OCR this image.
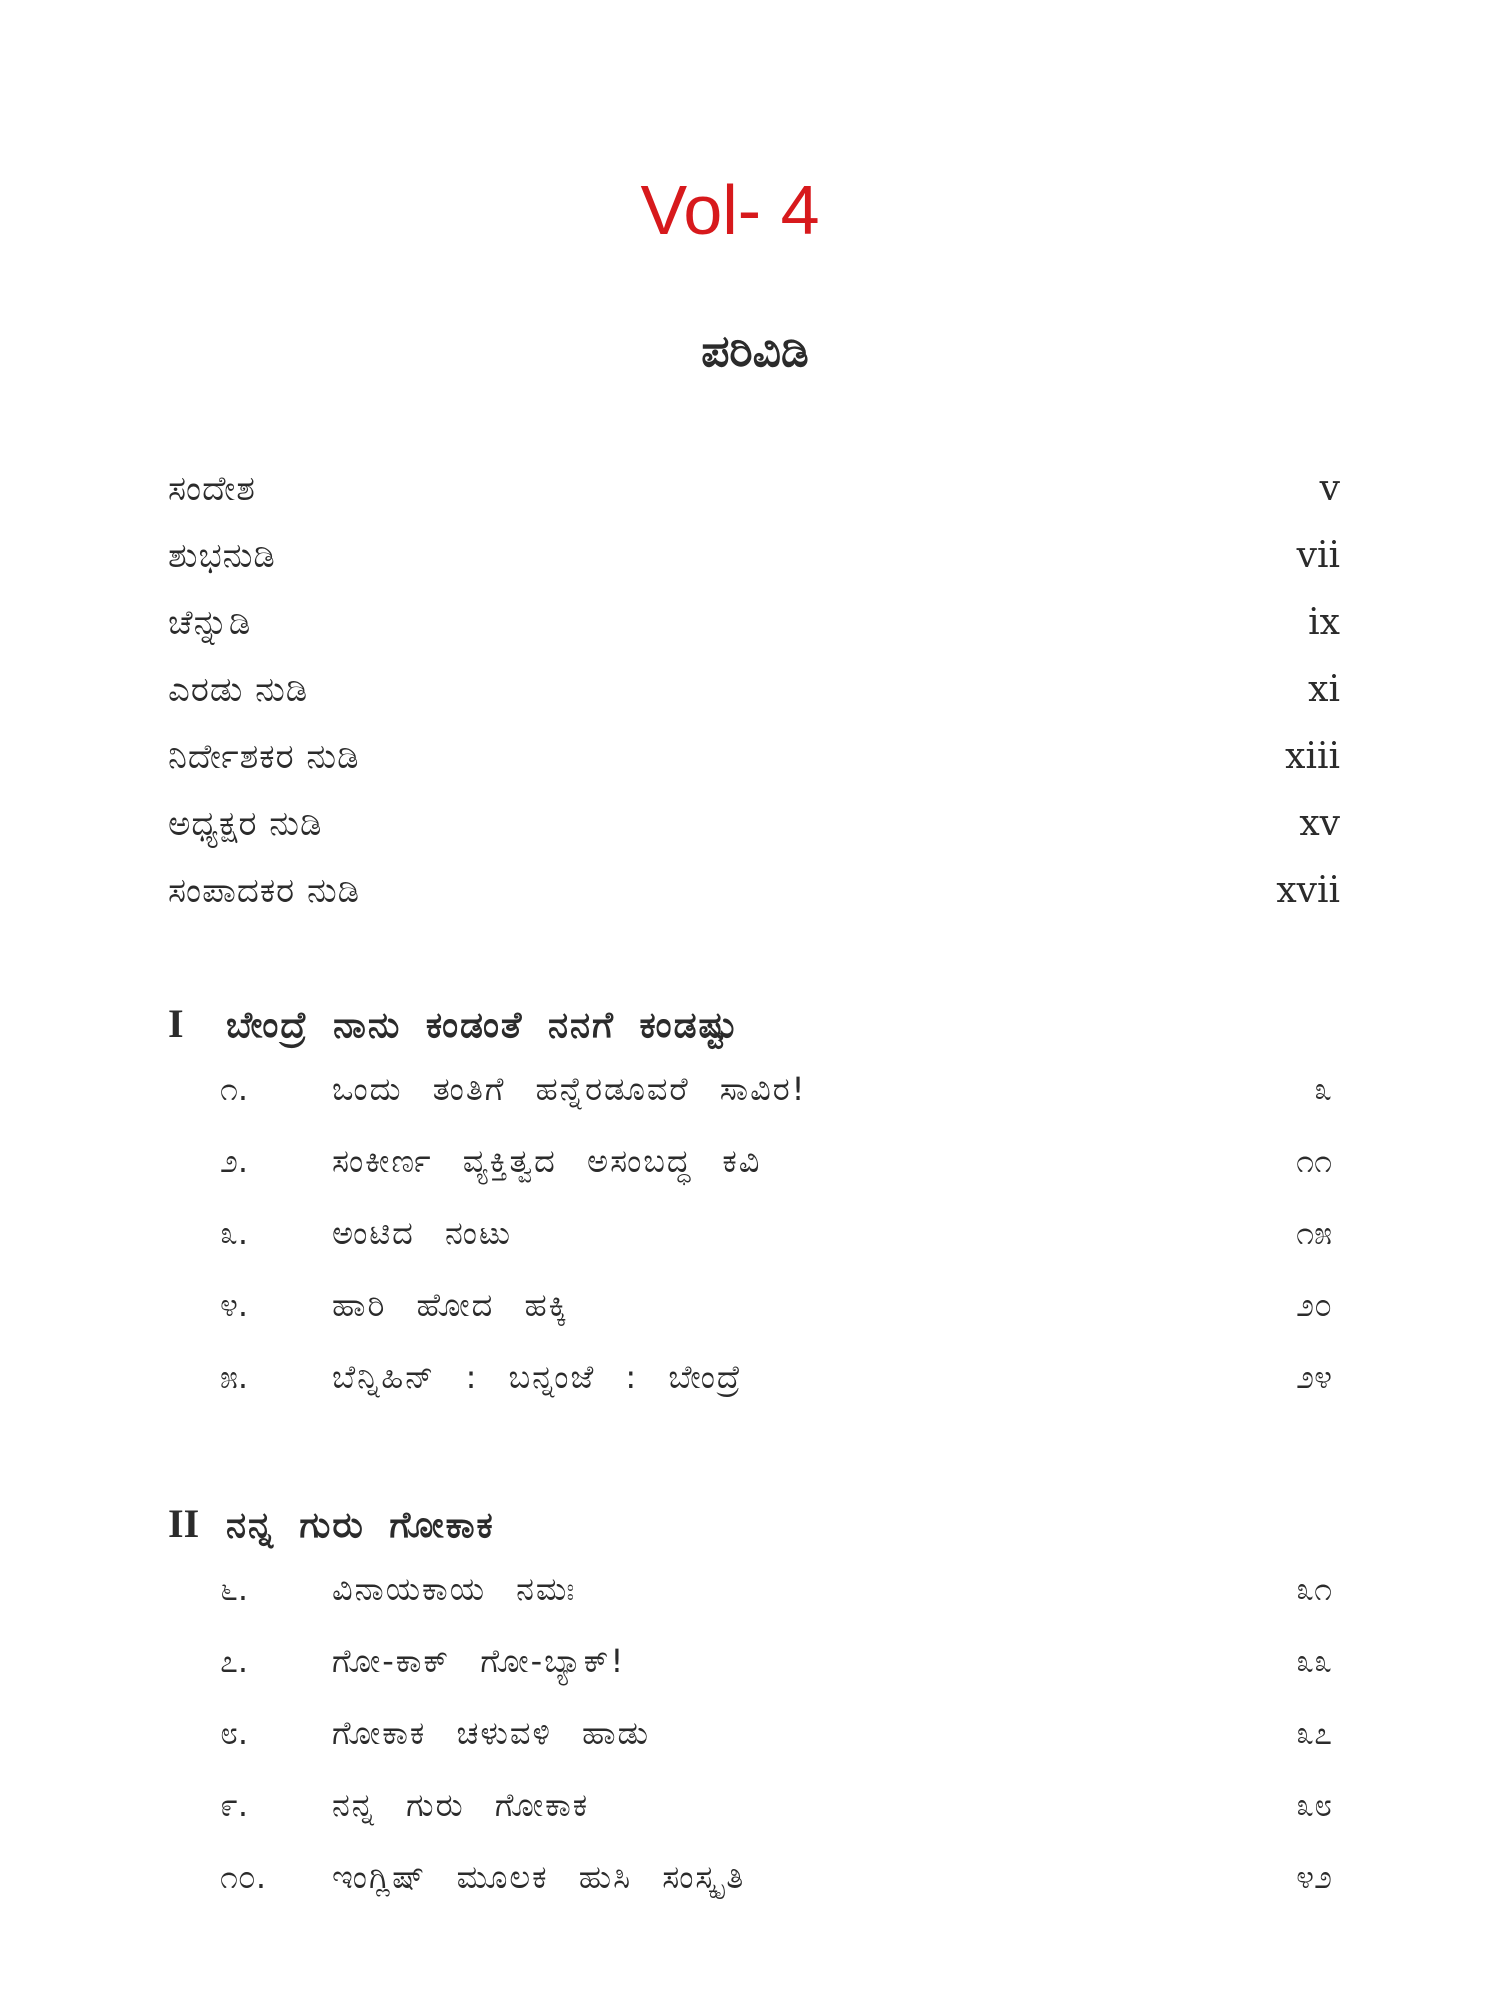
Vol- 4
ಪರಿವಿಡಿ
ಸಂದೇಶ	v
ಶುಭನುಡಿ	vii
ಚೆನ್ನುಡಿ	ix
ಎರಡು ನುಡಿ	xi
ನಿರ್ದೇಶಕರ ನುಡಿ	xiii
ಅಧ್ಯಕ್ಷರ ನುಡಿ	xv
ಸಂಪಾದಕರ ನುಡಿ	xvii
I	ಬೇಂದ್ರೆ ನಾನು ಕಂಡಂತೆ ನನಗೆ ಕಂಡಷ್ಟು
೧.	ಒಂದು ತಂತಿಗೆ ಹನ್ನೆರಡೂವರೆ ಸಾವಿರ!	೩
೨.	ಸಂಕೀರ್ಣ ವ್ಯಕ್ತಿತ್ವದ ಅಸಂಬದ್ಧ ಕವಿ	೧೧
೩.	ಅಂಟಿದ ನಂಟು	೧೫
೪.	ಹಾರಿ ಹೋದ ಹಕ್ಕಿ	೨೦
೫.	ಬೆನ್ನಿಹಿನ್ : ಬನ್ನಂಜೆ : ಬೇಂದ್ರೆ	೨೪
II ನನ್ನ ಗುರು ಗೋಕಾಕ
೬.	ವಿನಾಯಕಾಯ ನಮಃ	೩೧
೭.	ಗೋ-ಕಾಕ್ ಗೋ-ಬ್ಯಾಕ್!	೩೩
೮.	ಗೋಕಾಕ ಚಳುವಳಿ ಹಾಡು	೩೭
೯.	ನನ್ನ ಗುರು ಗೋಕಾಕ	೩೮
೧೦.	ಇಂಗ್ಲಿಷ್ ಮೂಲಕ ಹುಸಿ ಸಂಸ್ಕೃತಿ	೪೨
